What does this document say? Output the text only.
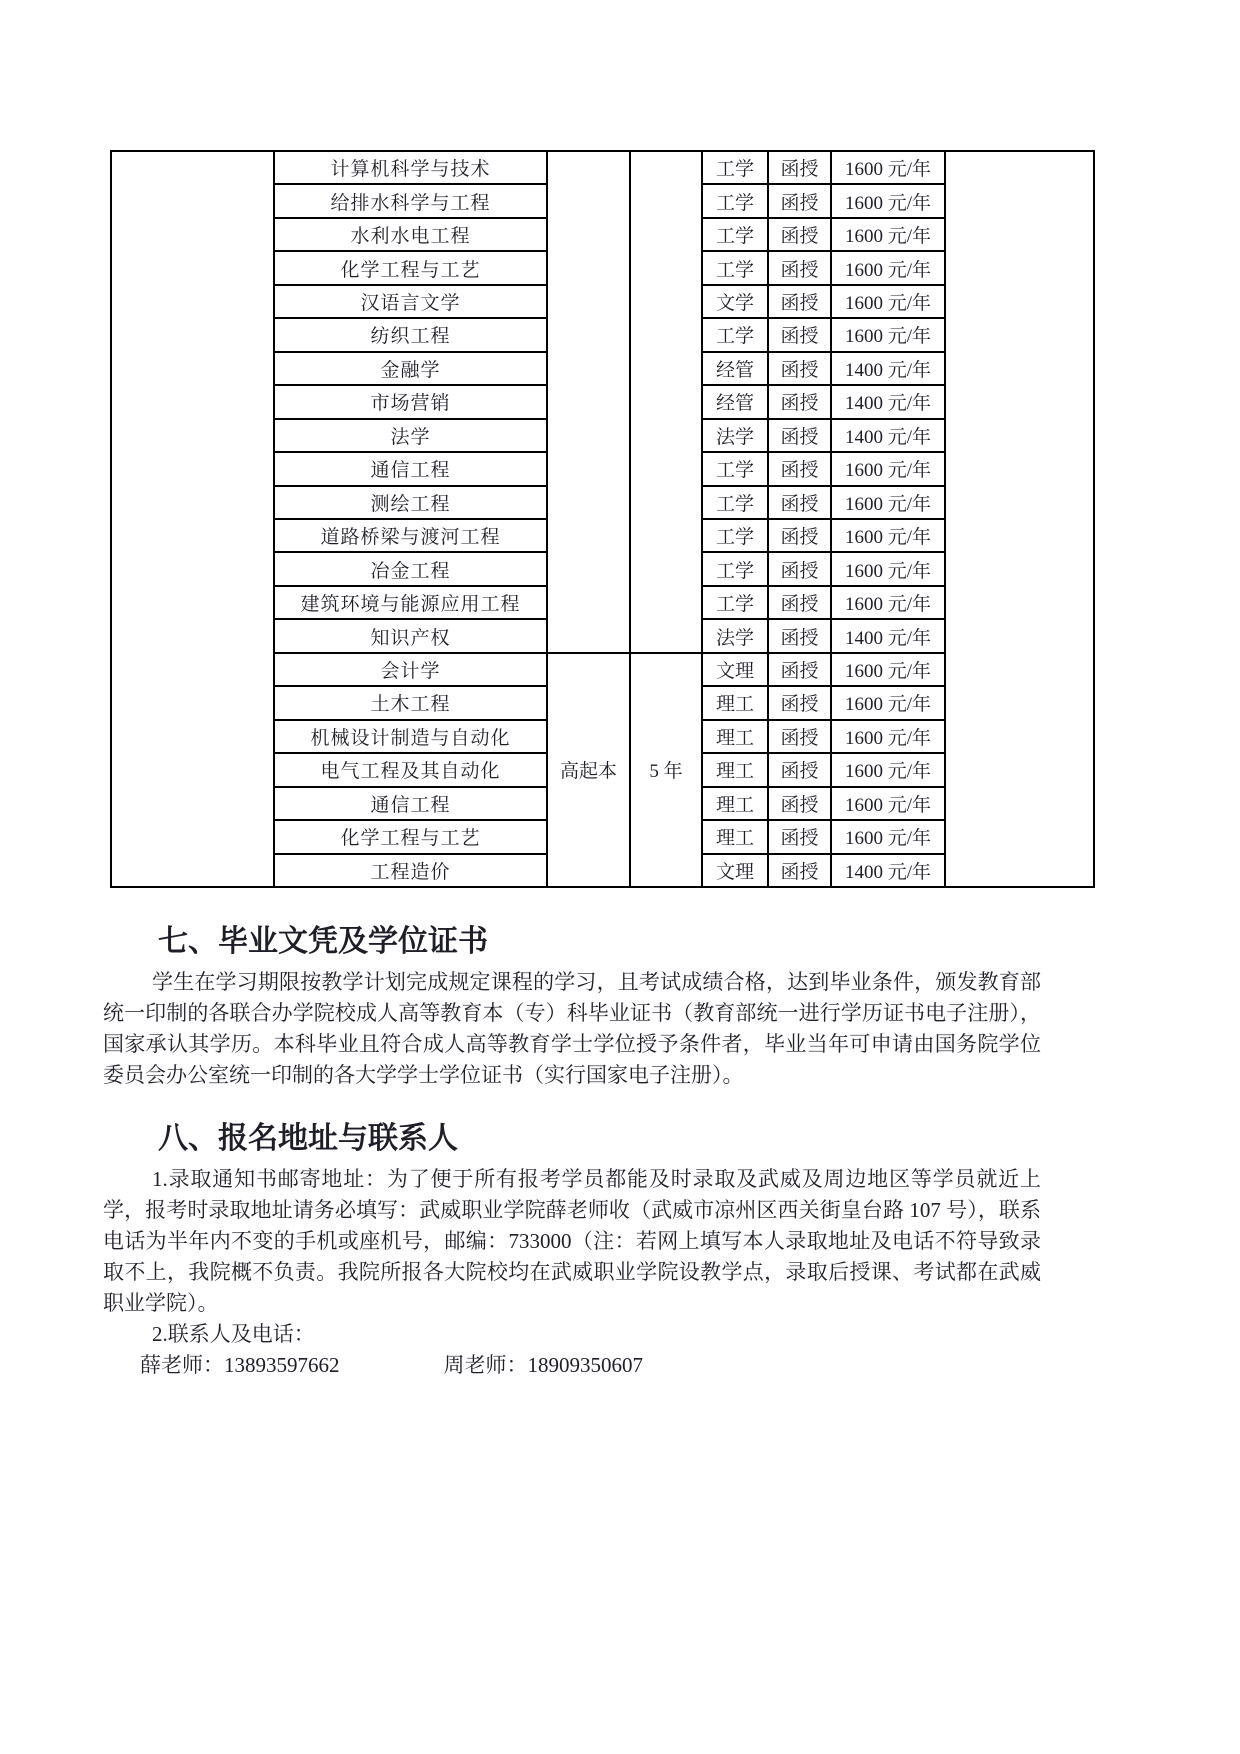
	计算机科学与技术			工学	函授	1600 元/年	
	给排水科学与工程			工学	函授	1600 元/年	
	水利水电工程			工学	函授	1600 元/年	
	化学工程与工艺			工学	函授	1600 元/年	
	汉语言文学			文学	函授	1600 元/年	
	纺织工程			工学	函授	1600 元/年	
	金融学			经管	函授	1400 元/年	
	市场营销			经管	函授	1400 元/年	
	法学			法学	函授	1400 元/年	
	通信工程			工学	函授	1600 元/年	
	测绘工程			工学	函授	1600 元/年	
	道路桥梁与渡河工程			工学	函授	1600 元/年	
	冶金工程			工学	函授	1600 元/年	
	建筑环境与能源应用工程			工学	函授	1600 元/年	
	知识产权			法学	函授	1400 元/年	
	会计学	高起本	5 年	文理	函授	1600 元/年	
	土木工程			理工	函授	1600 元/年	
	机械设计制造与自动化			理工	函授	1600 元/年	
	电气工程及其自动化			理工	函授	1600 元/年	
	通信工程			理工	函授	1600 元/年	
	化学工程与工艺			理工	函授	1600 元/年	
	工程造价			文理	函授	1400 元/年	
七、毕业文凭及学位证书

学生在学习期限按教学计划完成规定课程的学习，且考试成绩合格，达到毕业条件，颁发教育部统一印制的各联合办学院校成人高等教育本（专）科毕业证书（教育部统一进行学历证书电子注册），国家承认其学历。本科毕业且符合成人高等教育学士学位授予条件者，毕业当年可申请由国务院学位委员会办公室统一印制的各大学学士学位证书（实行国家电子注册）。

八、报名地址与联系人

1.录取通知书邮寄地址：为了便于所有报考学员都能及时录取及武威及周边地区等学员就近上学，报考时录取地址请务必填写：武威职业学院薛老师收（武威市凉州区西关街皇台路 107 号），联系电话为半年内不变的手机或座机号，邮编：733000（注：若网上填写本人录取地址及电话不符导致录取不上，我院概不负责。我院所报各大院校均在武威职业学院设教学点，录取后授课、考试都在武威职业学院）。

2.联系人及电话：

薛老师：13893597662	周老师：18909350607
